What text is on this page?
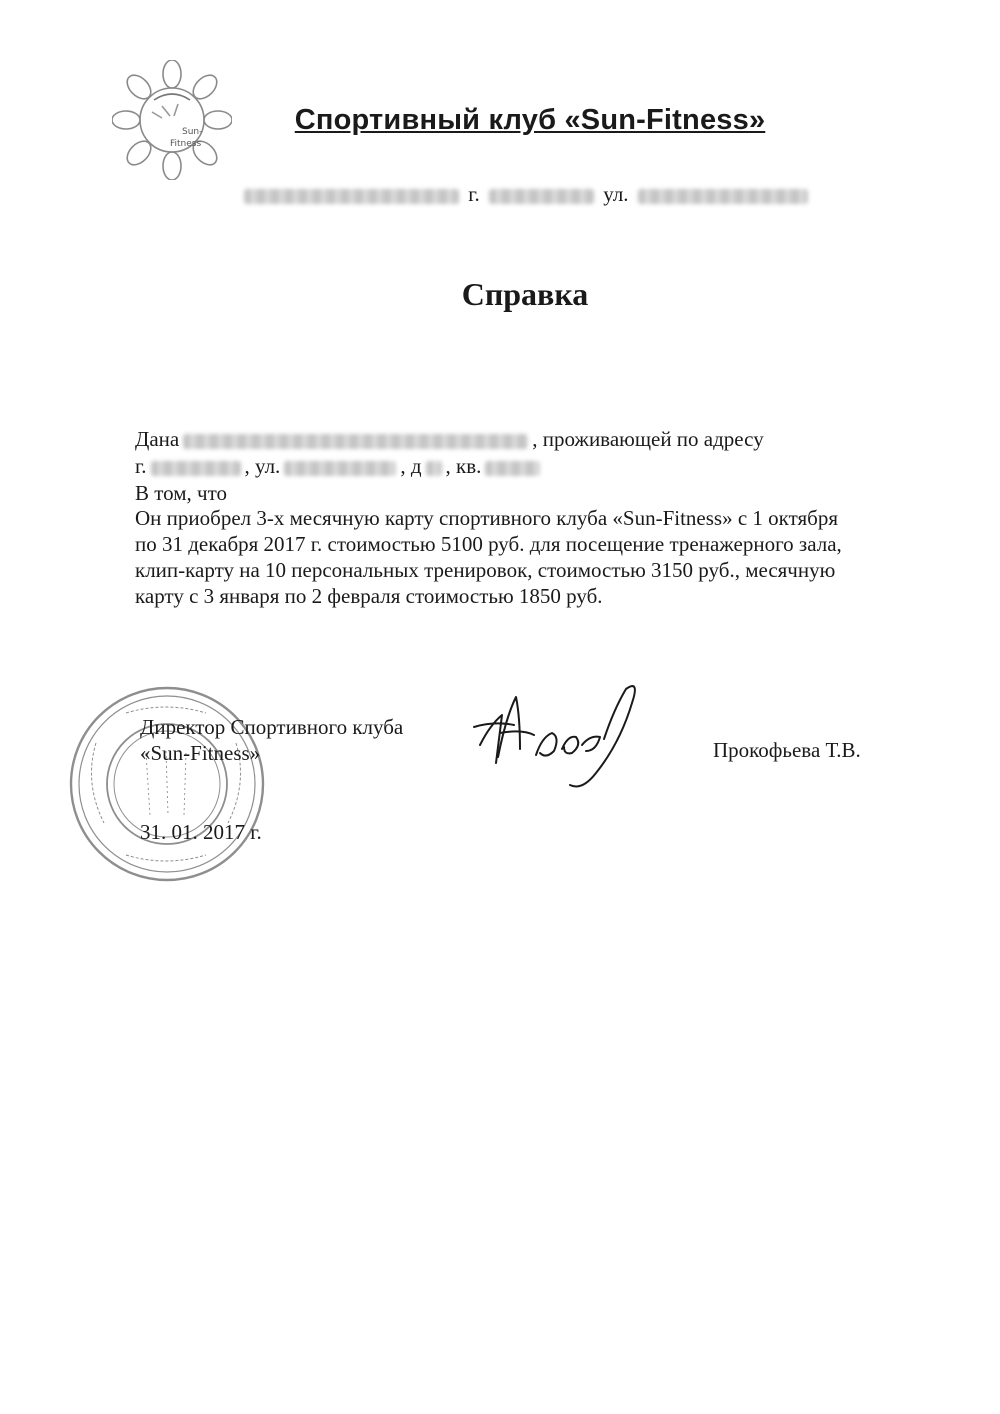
Sun-
Fitness
Спортивный клуб «Sun-Fitness»
г.	ул.
Справка
Дана	, проживающей по адресу
г.	, ул.	, д , кв.
В том, что
Он приобрел 3-х месячную карту спортивного клуба «Sun-Fitness» с 1 октября
по 31 декабря 2017 г. стоимостью 5100 руб. для посещение тренажерного зала,
клип-карту на 10 персональных тренировок, стоимостью 3150 руб., месячную
карту с 3 января по 2 февраля стоимостью 1850 руб.
Директор Спортивного клуба
«Sun-Fitness»
31. 01. 2017 г.
Прокофьева Т.В.
